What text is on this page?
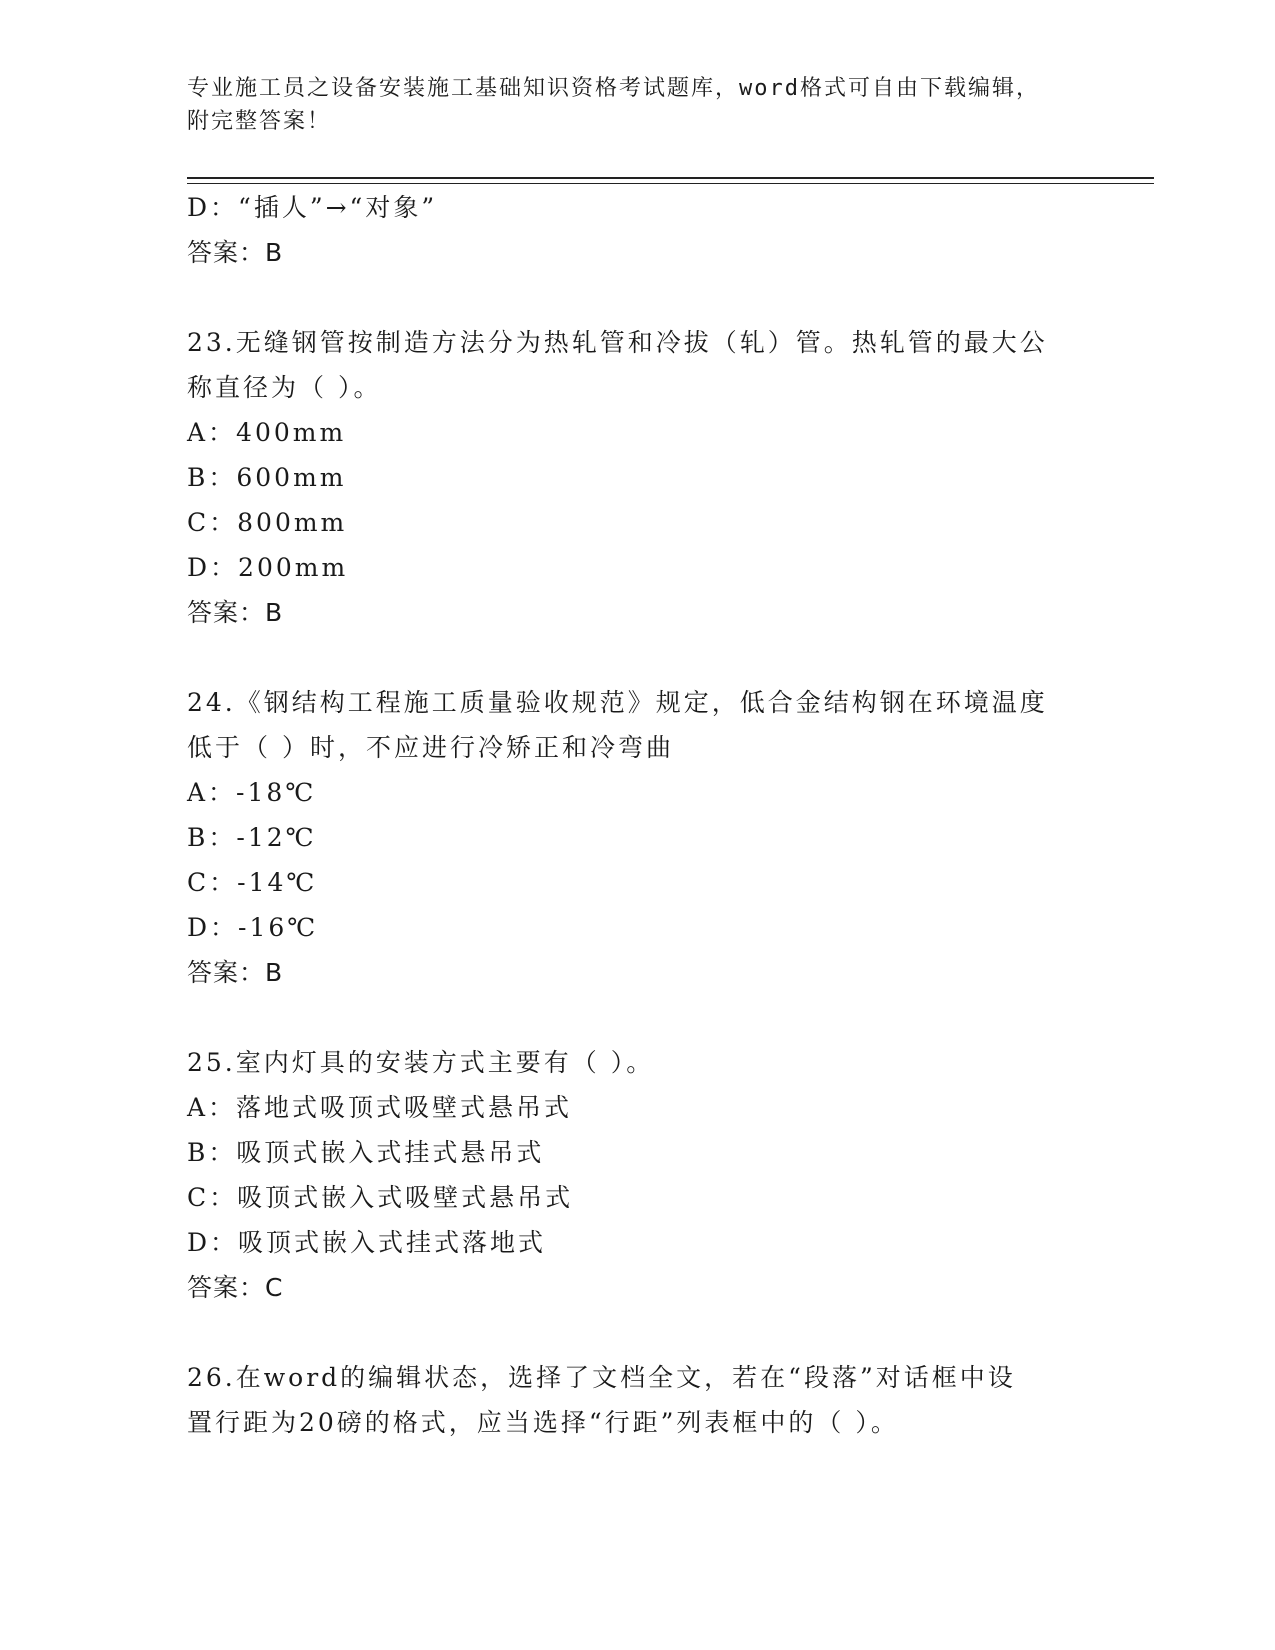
专业施工员之设备安装施工基础知识资格考试题库，word格式可自由下载编辑，
附完整答案！
D：“插人”→“对象”
答案：B
23.无缝钢管按制造方法分为热轧管和冷拔（轧）管。热轧管的最大公
称直径为（ ）。
A：400mm
B：600mm
C：800mm
D：200mm
答案：B
24.《钢结构工程施工质量验收规范》规定，低合金结构钢在环境温度
低于（ ）时，不应进行冷矫正和冷弯曲
A：-18℃
B：-12℃
C：-14℃
D：-16℃
答案：B
25.室内灯具的安装方式主要有（ ）。
A：落地式吸顶式吸壁式悬吊式
B：吸顶式嵌入式挂式悬吊式
C：吸顶式嵌入式吸壁式悬吊式
D：吸顶式嵌入式挂式落地式
答案：C
26.在word的编辑状态，选择了文档全文，若在“段落”对话框中设
置行距为20磅的格式，应当选择“行距”列表框中的（ ）。
